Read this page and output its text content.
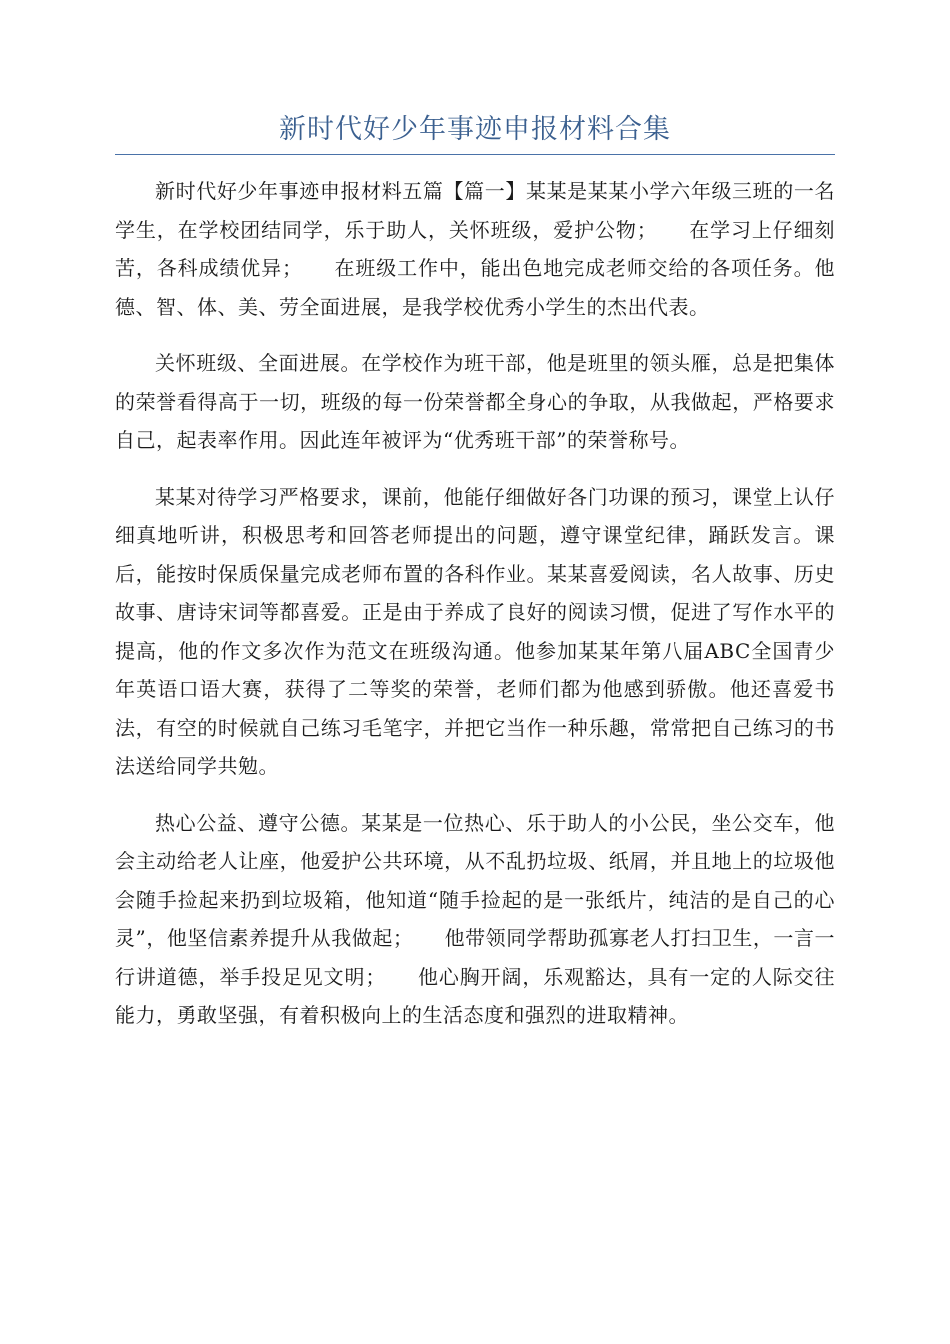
新时代好少年事迹申报材料合集

新时代好少年事迹申报材料五篇【篇一】某某是某某小学六年级三班的一名学生，在学校团结同学，乐于助人，关怀班级，爱护公物；　　在学习上仔细刻苦，各科成绩优异；　　在班级工作中，能出色地完成老师交给的各项任务。他德、智、体、美、劳全面进展，是我学校优秀小学生的杰出代表。

关怀班级、全面进展。在学校作为班干部，他是班里的领头雁，总是把集体的荣誉看得高于一切，班级的每一份荣誉都全身心的争取，从我做起，严格要求自己，起表率作用。因此连年被评为“优秀班干部”的荣誉称号。

某某对待学习严格要求，课前，他能仔细做好各门功课的预习，课堂上认仔细真地听讲，积极思考和回答老师提出的问题，遵守课堂纪律，踊跃发言。课后，能按时保质保量完成老师布置的各科作业。某某喜爱阅读，名人故事、历史故事、唐诗宋词等都喜爱。正是由于养成了良好的阅读习惯，促进了写作水平的提高，他的作文多次作为范文在班级沟通。他参加某某年第八届ABC全国青少年英语口语大赛，获得了二等奖的荣誉，老师们都为他感到骄傲。他还喜爱书法，有空的时候就自己练习毛笔字，并把它当作一种乐趣，常常把自己练习的书法送给同学共勉。

热心公益、遵守公德。某某是一位热心、乐于助人的小公民，坐公交车，他会主动给老人让座，他爱护公共环境，从不乱扔垃圾、纸屑，并且地上的垃圾他会随手捡起来扔到垃圾箱，他知道“随手捡起的是一张纸片，纯洁的是自己的心灵”，他坚信素养提升从我做起；　　他带领同学帮助孤寡老人打扫卫生，一言一行讲道德，举手投足见文明；　　他心胸开阔，乐观豁达，具有一定的人际交往能力，勇敢坚强，有着积极向上的生活态度和强烈的进取精神。
